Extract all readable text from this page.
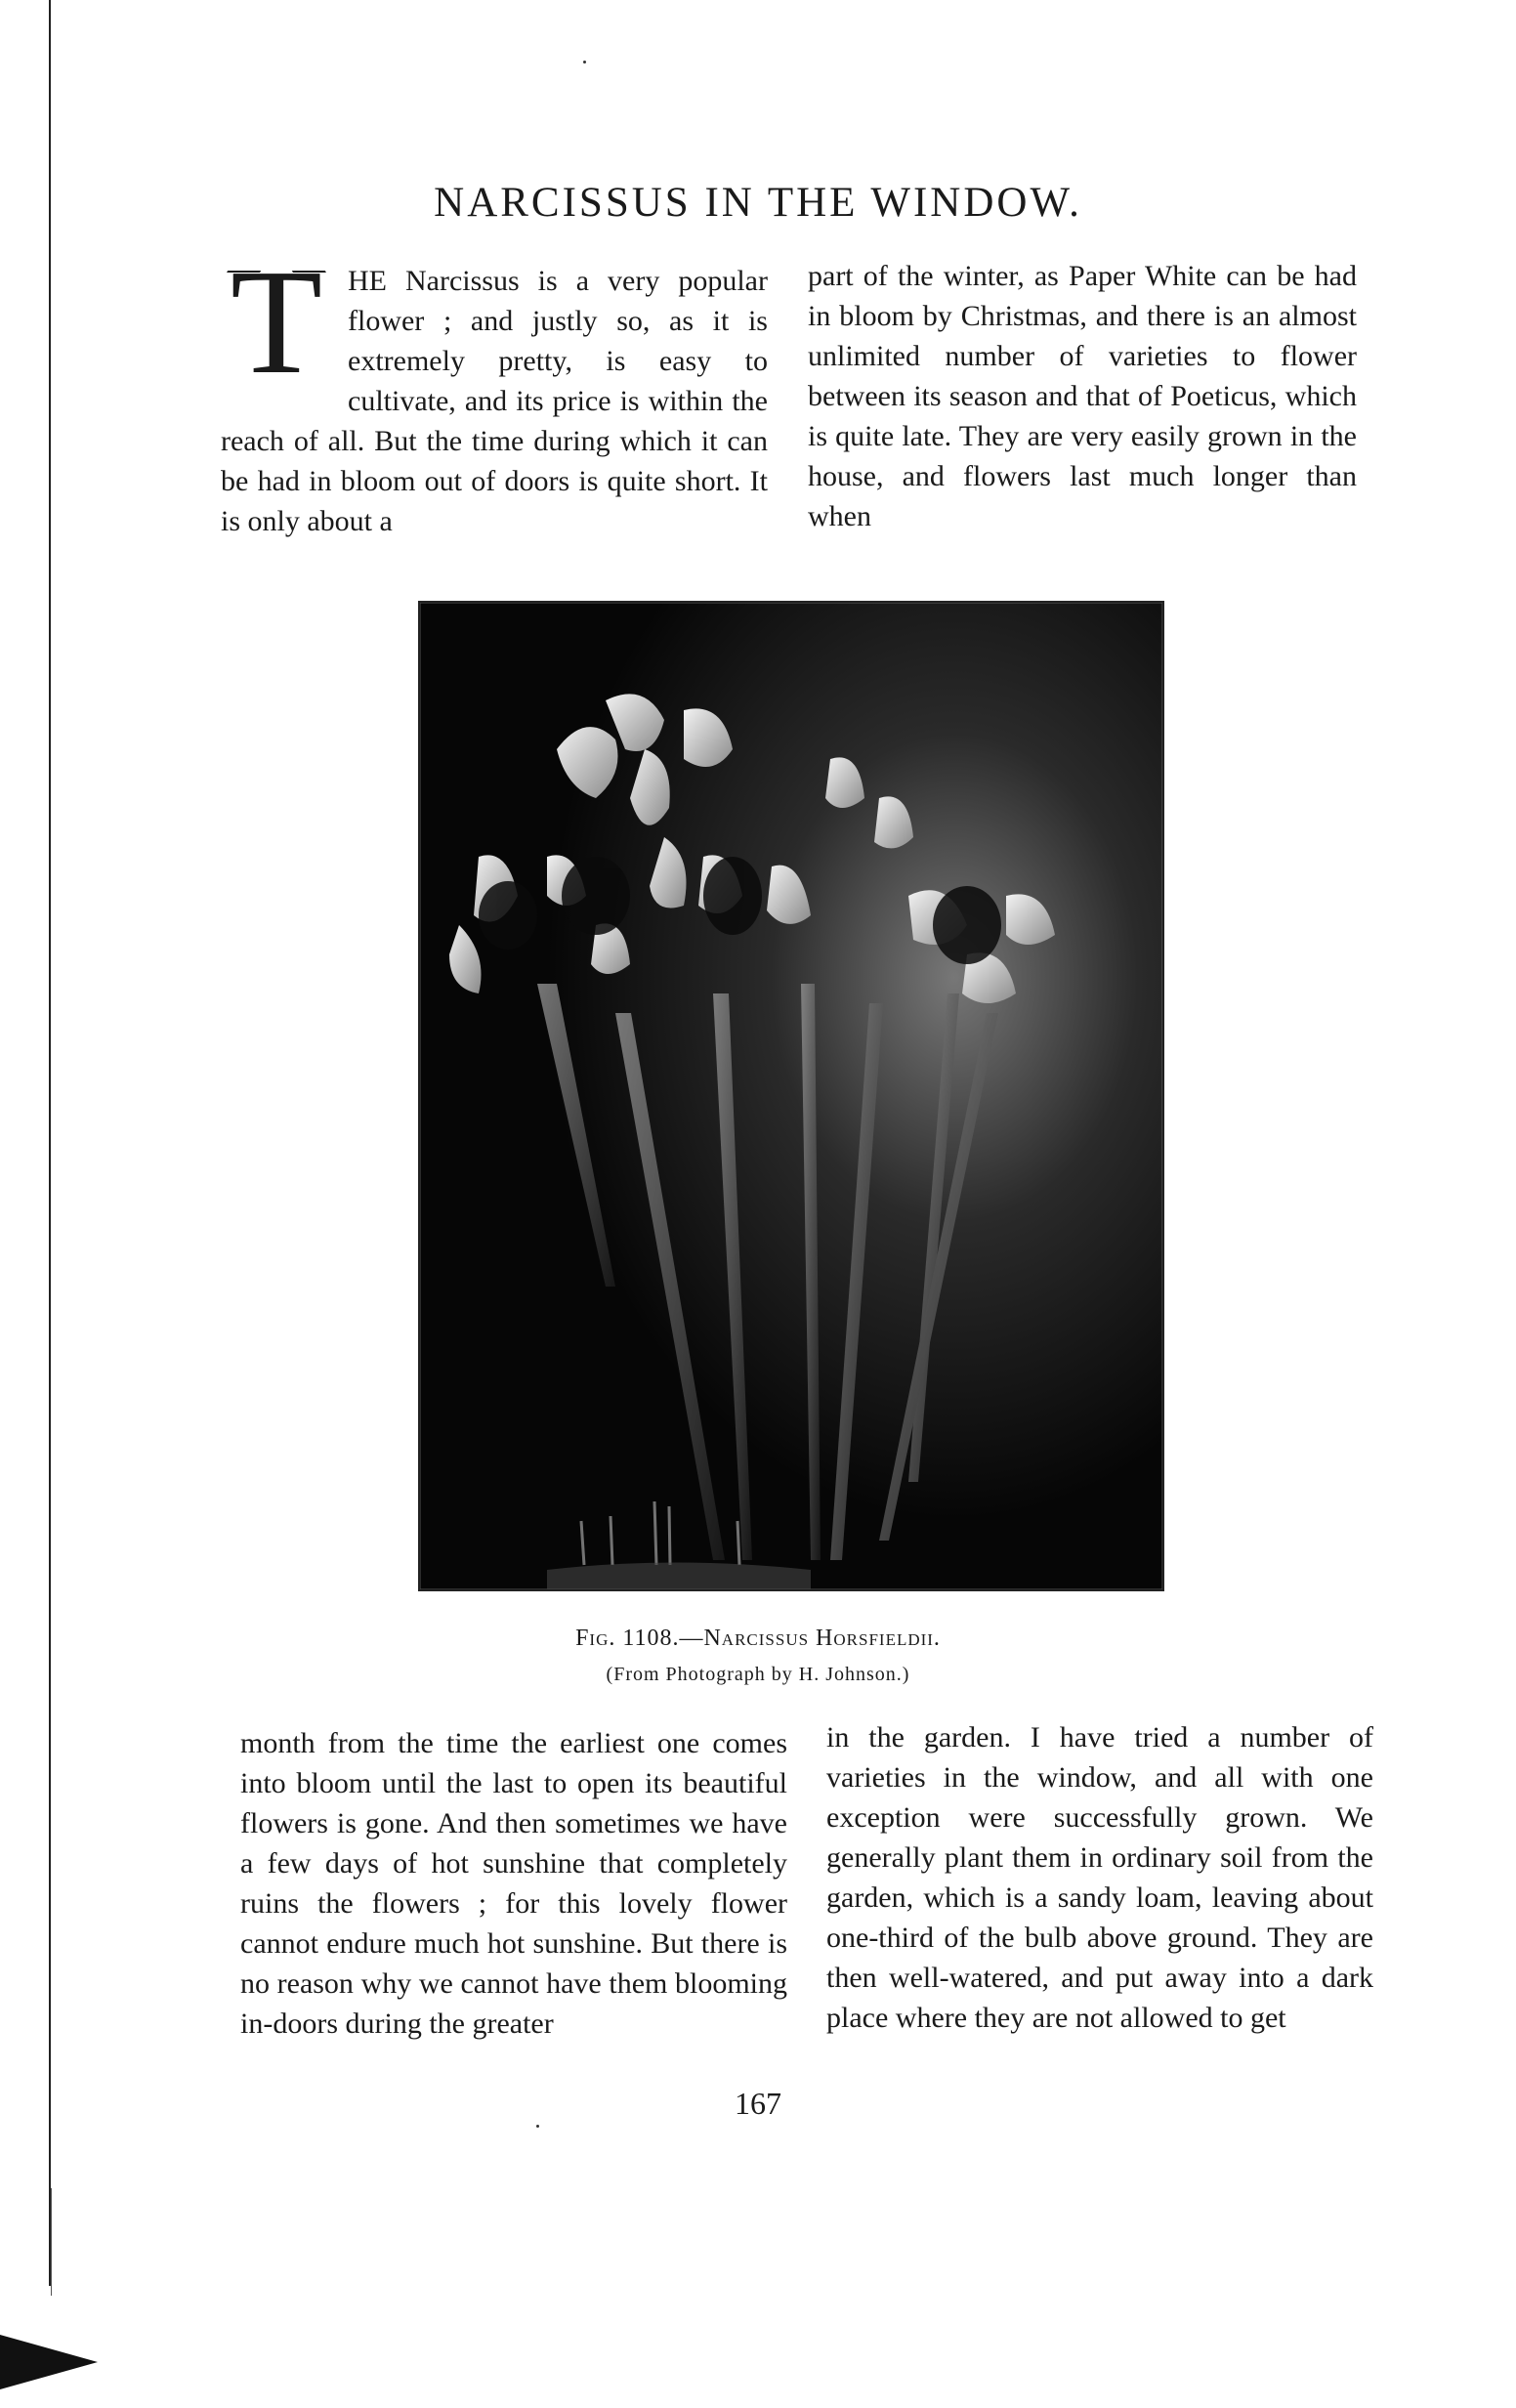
NARCISSUS IN THE WINDOW.

THE Narcissus is a very popular flower ; and justly so, as it is extremely pretty, is easy to cultivate, and its price is within the reach of all. But the time during which it can be had in bloom out of doors is quite short. It is only about a

part of the winter, as Paper White can be had in bloom by Christmas, and there is an almost unlimited number of varieties to flower between its season and that of Poeticus, which is quite late. They are very easily grown in the house, and flowers last much longer than when

Fig. 1108.—Narcissus Horsfieldii.

(From Photograph by H. Johnson.)

month from the time the earliest one comes into bloom until the last to open its beautiful flowers is gone. And then sometimes we have a few days of hot sunshine that completely ruins the flowers ; for this lovely flower cannot endure much hot sunshine. But there is no reason why we cannot have them blooming in-doors during the greater

in the garden. I have tried a number of varieties in the window, and all with one exception were successfully grown. We generally plant them in ordinary soil from the garden, which is a sandy loam, leaving about one-third of the bulb above ground. They are then well-watered, and put away into a dark place where they are not allowed to get

167
